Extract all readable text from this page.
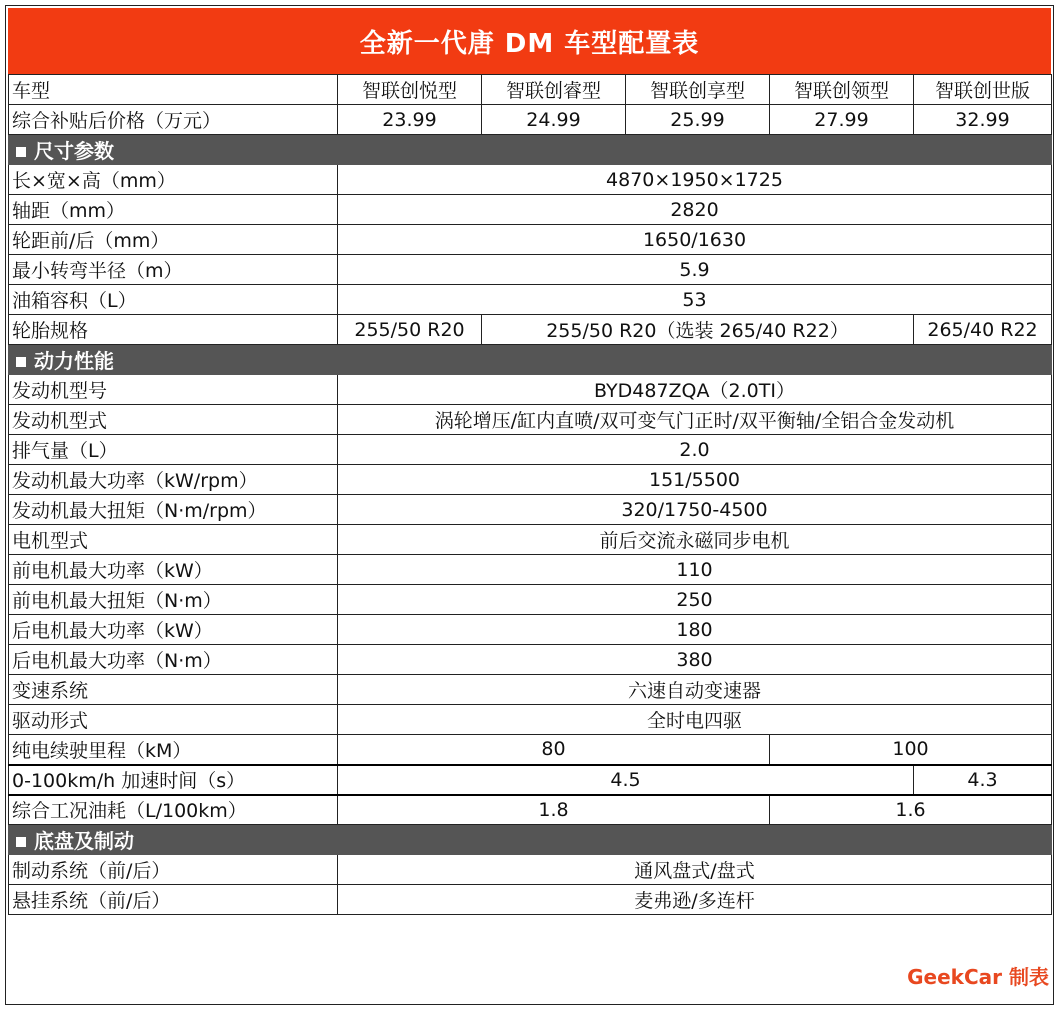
全新一代唐 DM 车型配置表
车型	智联创悦型	智联创睿型	智联创享型	智联创领型	智联创世版
综合补贴后价格（万元）	23.99	24.99	25.99	27.99	32.99
尺寸参数					
长×宽×高（mm）	4870×1950×1725				
轴距（mm）	2820				
轮距前/后（mm）	1650/1630				
最小转弯半径（m）	5.9				
油箱容积（L）	53				
轮胎规格	255/50 R20	255/50 R20（选装 265/40 R22）			265/40 R22
动力性能					
发动机型号	BYD487ZQA（2.0TI）				
发动机型式	涡轮增压/缸内直喷/双可变气门正时/双平衡轴/全铝合金发动机				
排气量（L）	2.0				
发动机最大功率（kW/rpm）	151/5500				
发动机最大扭矩（N·m/rpm）	320/1750-4500				
电机型式	前后交流永磁同步电机				
前电机最大功率（kW）	110				
前电机最大扭矩（N·m）	250				
后电机最大功率（kW）	180				
后电机最大功率（N·m）	380				
变速系统	六速自动变速器				
驱动形式	全时电四驱				
纯电续驶里程（kM）	80			100	
0-100km/h 加速时间（s）	4.5				4.3
综合工况油耗（L/100km）	1.8			1.6	
底盘及制动					
制动系统（前/后）	通风盘式/盘式				
悬挂系统（前/后）	麦弗逊/多连杆				
GeekCar 制表
